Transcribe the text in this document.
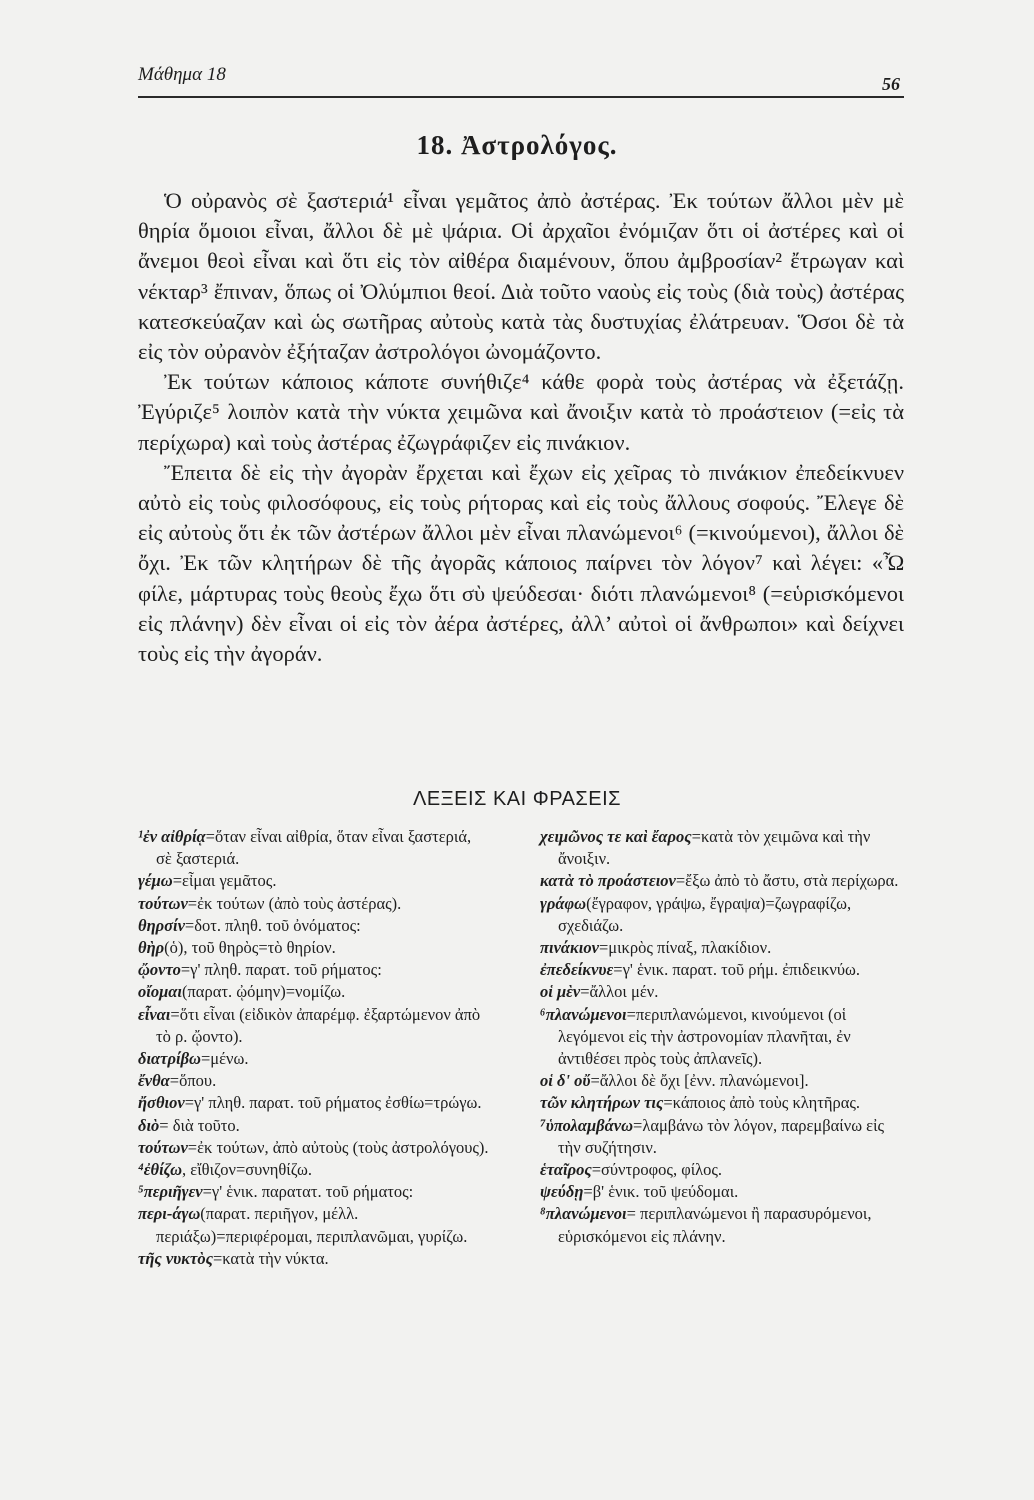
Μάθημα 18	56
18. Ἀστρολόγος.

Ὁ οὐρανὸς σὲ ξαστεριά¹ εἶναι γεμᾶτος ἀπὸ ἀστέρας. Ἐκ τούτων ἄλλοι μὲν μὲ θηρία ὅμοιοι εἶναι, ἄλλοι δὲ μὲ ψάρια. Οἱ ἀρχαῖοι ἐνόμιζαν ὅτι οἱ ἀστέρες καὶ οἱ ἄνεμοι θεοὶ εἶναι καὶ ὅτι εἰς τὸν αἰθέρα διαμένουν, ὅπου ἀμβροσίαν² ἔτρωγαν καὶ νέκταρ³ ἔπιναν, ὅπως οἱ Ὀλύμπιοι θεοί. Διὰ τοῦτο ναοὺς εἰς τοὺς (διὰ τοὺς) ἀστέρας κατεσκεύαζαν καὶ ὡς σωτῆρας αὐτοὺς κατὰ τὰς δυστυχίας ἐλάτρευαν. Ὅσοι δὲ τὰ εἰς τὸν οὐρανὸν ἐξήταζαν ἀστρολόγοι ὠνομάζοντο.

Ἐκ τούτων κάποιος κάποτε συνήθιζε⁴ κάθε φορὰ τοὺς ἀστέρας νὰ ἐξετάζῃ. Ἐγύριζε⁵ λοιπὸν κατὰ τὴν νύκτα χειμῶνα καὶ ἄνοιξιν κατὰ τὸ προάστειον (=εἰς τὰ περίχωρα) καὶ τοὺς ἀστέρας ἐζωγράφιζεν εἰς πινάκιον.

Ἔπειτα δὲ εἰς τὴν ἀγορὰν ἔρχεται καὶ ἔχων εἰς χεῖρας τὸ πινάκιον ἐπεδείκνυεν αὐτὸ εἰς τοὺς φιλοσόφους, εἰς τοὺς ρήτορας καὶ εἰς τοὺς ἄλλους σοφούς. Ἔλεγε δὲ εἰς αὐτοὺς ὅτι ἐκ τῶν ἀστέρων ἄλλοι μὲν εἶναι πλανώμενοι⁶ (=κινούμενοι), ἄλλοι δὲ ὄχι. Ἐκ τῶν κλητήρων δὲ τῆς ἀγορᾶς κάποιος παίρνει τὸν λόγον⁷ καὶ λέγει: «Ὦ φίλε, μάρτυρας τοὺς θεοὺς ἔχω ὅτι σὺ ψεύδεσαι· διότι πλανώμενοι⁸ (=εὑρισκόμενοι εἰς πλάνην) δὲν εἶναι οἱ εἰς τὸν ἀέρα ἀστέρες, ἀλλ’ αὐτοὶ οἱ ἄνθρωποι» καὶ δείχνει τοὺς εἰς τὴν ἀγοράν.

ΛΕΞΕΙΣ ΚΑΙ ΦΡΑΣΕΙΣ
¹ἐν αἰθρίᾳ=ὅταν εἶναι αἰθρία, ὅταν εἶναι ξαστεριά, σὲ ξαστεριά.
γέμω=εἶμαι γεμᾶτος.
τούτων=ἐκ τούτων (ἀπὸ τοὺς ἀστέρας).
θηρσίν=δοτ. πληθ. τοῦ ὀνόματος:
θὴρ(ὁ), τοῦ θηρὸς=τὸ θηρίον.
ᾤοντο=γ' πληθ. παρατ. τοῦ ρήματος:
οἴομαι(παρατ. ᾠόμην)=νομίζω.
εἶναι=ὅτι εἶναι (εἰδικὸν ἀπαρέμφ. ἐξαρτώμενον ἀπὸ τὸ ρ. ᾤοντο).
διατρίβω=μένω.
ἔνθα=ὅπου.
ἤσθιον=γ' πληθ. παρατ. τοῦ ρήματος ἐσθίω=τρώγω.
διὸ= διὰ τοῦτο.
τούτων=ἐκ τούτων, ἀπὸ αὐτοὺς (τοὺς ἀστρολόγους).
⁴ἐθίζω, εἴθιζον=συνηθίζω.
⁵περιῆγεν=γ' ἑνικ. παρατατ. τοῦ ρήματος:
περι-άγω(παρατ. περιῆγον, μέλλ. περιάξω)=περιφέρομαι, περιπλανῶμαι, γυρίζω.
τῆς νυκτὸς=κατὰ τὴν νύκτα.
χειμῶνος τε καὶ ἔαρος=κατὰ τὸν χειμῶνα καὶ τὴν ἄνοιξιν.
κατὰ τὸ προάστειον=ἔξω ἀπὸ τὸ ἄστυ, στὰ περίχωρα.
γράφω(ἔγραφον, γράψω, ἔγραψα)=ζωγραφίζω, σχεδιάζω.
πινάκιον=μικρὸς πίναξ, πλακίδιον.
ἐπεδείκνυε=γ' ἑνικ. παρατ. τοῦ ρήμ. ἐπιδεικνύω.
οἱ μὲν=ἄλλοι μέν.
⁶πλανώμενοι=περιπλανώμενοι, κινούμενοι (οἱ λεγόμενοι εἰς τὴν ἀστρονομίαν πλανῆται, ἐν ἀντιθέσει πρὸς τοὺς ἀπλανεῖς).
οἱ δ' οὔ=ἄλλοι δὲ ὄχι [ἐνν. πλανώμενοι].
τῶν κλητήρων τις=κάποιος ἀπὸ τοὺς κλητῆρας.
⁷ὑπολαμβάνω=λαμβάνω τὸν λόγον, παρεμβαίνω εἰς τὴν συζήτησιν.
ἑταῖρος=σύντροφος, φίλος.
ψεύδῃ=β' ἑνικ. τοῦ ψεύδομαι.
⁸πλανώμενοι= περιπλανώμενοι ἢ παρασυρόμενοι, εὑρισκόμενοι εἰς πλάνην.
